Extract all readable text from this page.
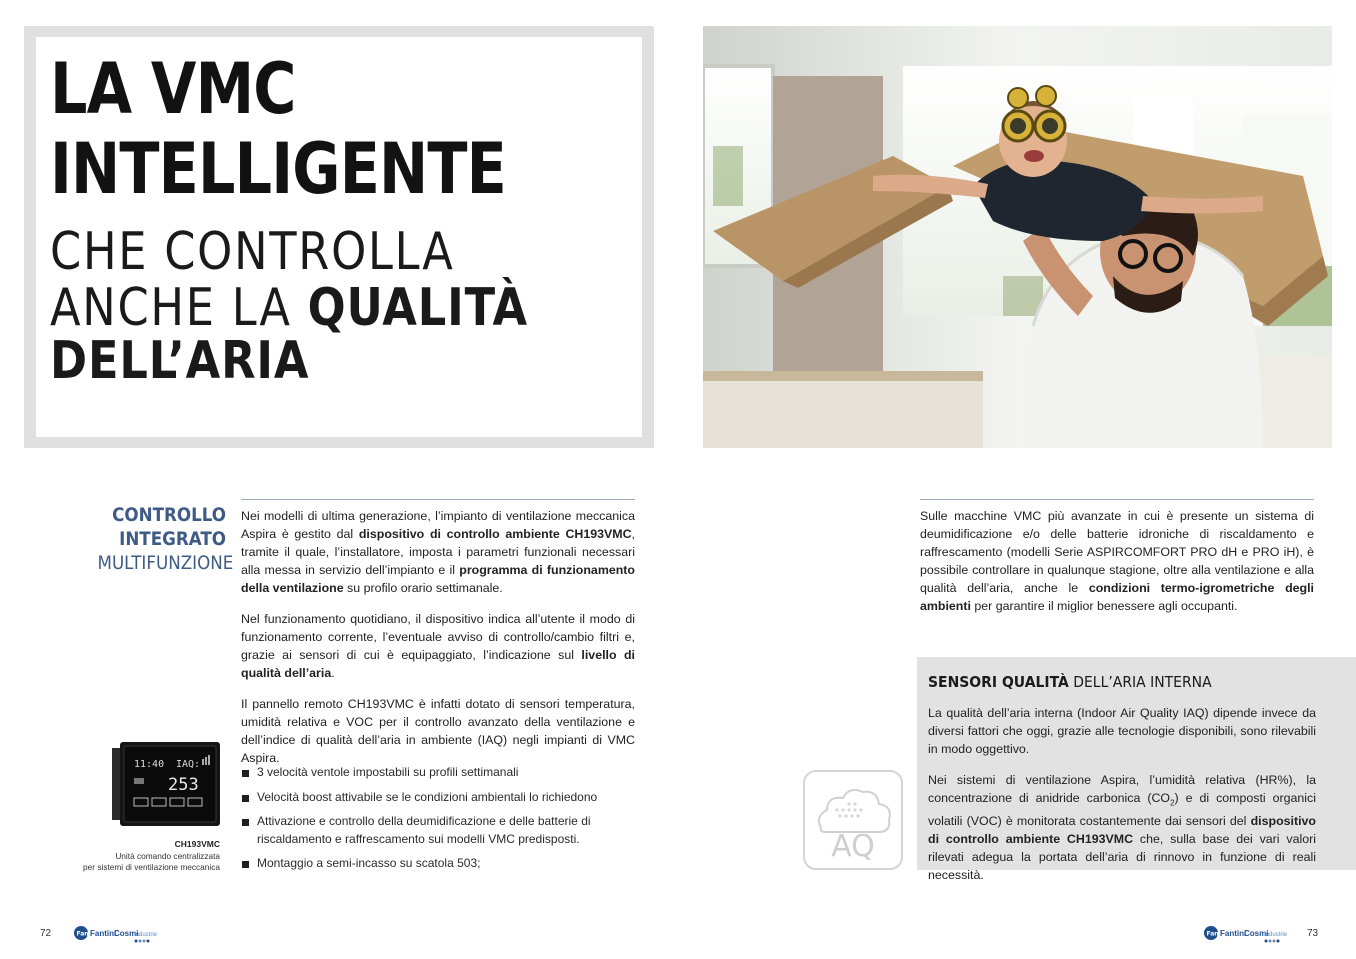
LA VMC
INTELLIGENTE
CHE CONTROLLA
ANCHE LA QUALITÀ
DELL’ARIA
CONTROLLO
INTEGRATO
MULTIFUNZIONE

Nei modelli di ultima generazione, l’impianto di ventilazione meccanica Aspira è gestito dal dispositivo di controllo ambiente CH193VMC, tramite il quale, l’installatore, imposta i parametri funzionali necessari alla messa in servizio dell’impianto e il programma di funzionamento della ventilazione su profilo orario settimanale.

Nel funzionamento quotidiano, il dispositivo indica all’utente il modo di funzionamento corrente, l’eventuale avviso di controllo/cambio filtri e, grazie ai sensori di cui è equipaggiato, l’indicazione sul livello di qualità dell’aria.

Il pannello remoto CH193VMC è infatti dotato di sensori temperatura, umidità relativa e VOC per il controllo avanzato della ventilazione e dell’indice di qualità dell’aria in ambiente (IAQ) negli impianti di VMC Aspira.

3 velocità ventole impostabili su profili settimanali
Velocità boost attivabile se le condizioni ambientali lo richiedono
Attivazione e controllo della deumidificazione e delle batterie di riscaldamento e raffrescamento sui modelli VMC predisposti.
Montaggio a semi-incasso su scatola 503;
11:40 IAQ:
253
CH193VMC
Unità comando centralizzata
per sistemi di ventilazione meccanica
72	Fan Fantini
Cosmi
Industrie

Sulle macchine VMC più avanzate in cui è presente un sistema di deumidificazione e/o delle batterie idroniche di riscaldamento e raffrescamento (modelli Serie ASPIRCOMFORT PRO dH e PRO iH), è possibile controllare in qualunque stagione, oltre alla ventilazione e alla qualità dell’aria, anche le condizioni termo-igrometriche degli ambienti per garantire il miglior benessere agli occupanti.

SENSORI QUALITÀ DELL’ARIA INTERNA

La qualità dell’aria interna (Indoor Air Quality IAQ) dipende invece da diversi fattori che oggi, grazie alle tecnologie disponibili, sono rilevabili in modo oggettivo.

Nei sistemi di ventilazione Aspira, l’umidità relativa (HR%), la concentrazione di anidride carbonica $(CO_2)$ e di composti organici volatili (VOC) è monitorata costantemente dai sensori del dispositivo di controllo ambiente CH193VMC che, sulla base dei vari valori rilevati adegua la portata dell’aria di rinnovo in funzione di reali necessità.

AQ
Fan Fantini
Cosmi
Industrie 73
